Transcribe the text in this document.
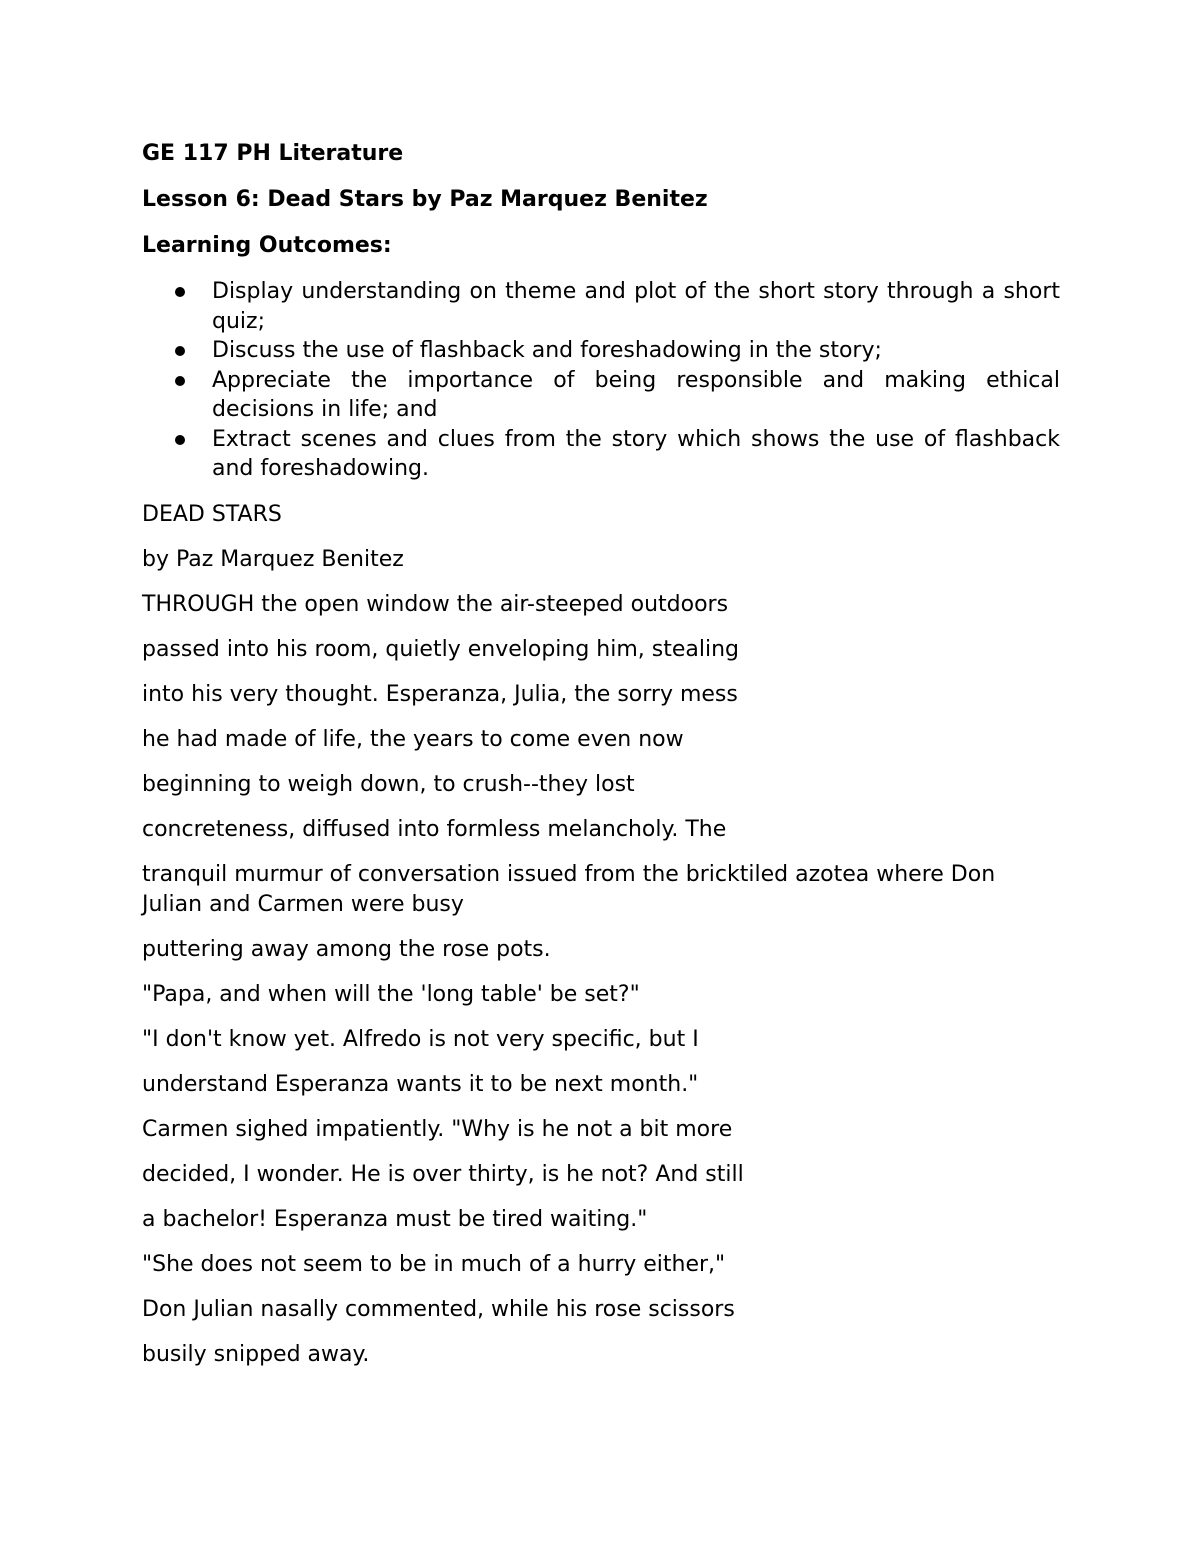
GE 117 PH Literature

Lesson 6: Dead Stars by Paz Marquez Benitez

Learning Outcomes:

Display understanding on theme and plot of the short story through a short quiz;
Discuss the use of flashback and foreshadowing in the story;
Appreciate the importance of being responsible and making ethical decisions in life; and
Extract scenes and clues from the story which shows the use of flashback and foreshadowing.

DEAD STARS

by Paz Marquez Benitez

THROUGH the open window the air-steeped outdoors

passed into his room, quietly enveloping him, stealing

into his very thought. Esperanza, Julia, the sorry mess

he had made of life, the years to come even now

beginning to weigh down, to crush--they lost

concreteness, diffused into formless melancholy. The

tranquil murmur of conversation issued from the bricktiled azotea where Don Julian and Carmen were busy

puttering away among the rose pots.

"Papa, and when will the 'long table' be set?"

"I don't know yet. Alfredo is not very specific, but I

understand Esperanza wants it to be next month."

Carmen sighed impatiently. "Why is he not a bit more

decided, I wonder. He is over thirty, is he not? And still

a bachelor! Esperanza must be tired waiting."

"She does not seem to be in much of a hurry either,"

Don Julian nasally commented, while his rose scissors

busily snipped away.
